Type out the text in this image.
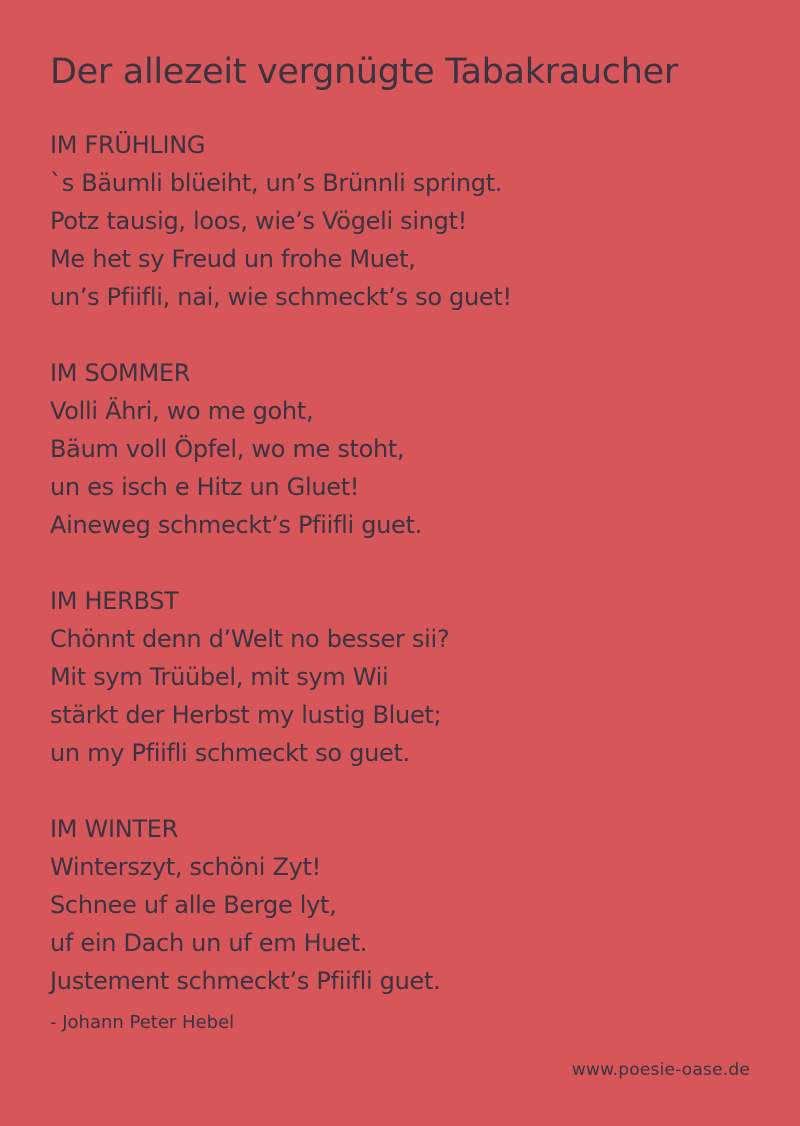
Der allezeit vergnügte Tabakraucher
IM FRÜHLING
`s Bäumli blüeiht, un’s Brünnli springt.
Potz tausig, loos, wie’s Vögeli singt!
Me het sy Freud un frohe Muet,
un’s Pfiifli, nai, wie schmeckt’s so guet!
IM SOMMER
Volli Ähri, wo me goht,
Bäum voll Öpfel, wo me stoht,
un es isch e Hitz un Gluet!
Aineweg schmeckt’s Pfiifli guet.
IM HERBST
Chönnt denn d’Welt no besser sii?
Mit sym Trüübel, mit sym Wii
stärkt der Herbst my lustig Bluet;
un my Pfiifli schmeckt so guet.
IM WINTER
Winterszyt, schöni Zyt!
Schnee uf alle Berge lyt,
uf ein Dach un uf em Huet.
Justement schmeckt’s Pfiifli guet.
- Johann Peter Hebel
www.poesie-oase.de
